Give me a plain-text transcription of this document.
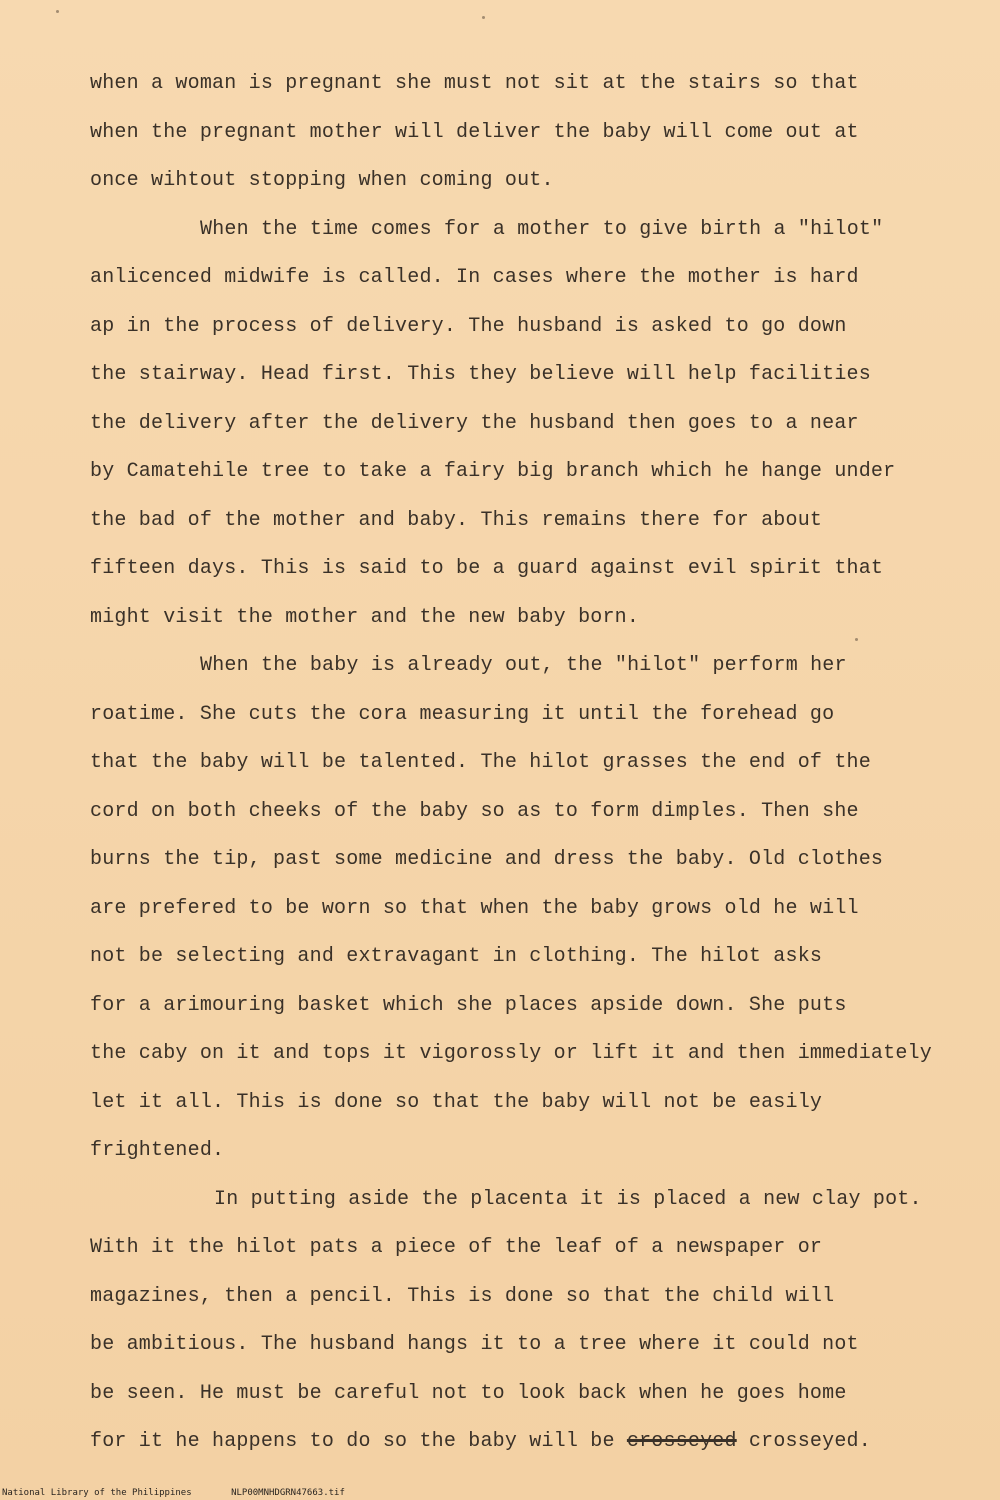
when a woman is pregnant she must not sit at the stairs so that
when the pregnant mother will deliver the baby will come out at
once wihtout stopping when coming out.
When the time comes for a mother to give birth a "hilot"
anlicenced midwife is called. In cases where the mother is hard
ap in the process of delivery. The husband is asked to go down
the stairway. Head first. This they believe will help facilities
the delivery after the delivery the husband then goes to a near
by Camatehile tree to take a fairy big branch which he hange under
the bad of the mother and baby. This remains there for about
fifteen days. This is said to be a guard against evil spirit that
might visit the mother and the new baby born.
When the baby is already out, the "hilot" perform her
roatime. She cuts the cora measuring it until the forehead go
that the baby will be talented. The hilot grasses the end of the
cord on both cheeks of the baby so as to form dimples. Then she
burns the tip, past some medicine and dress the baby. Old clothes
are prefered to be worn so that when the baby grows old he will
not be selecting and extravagant in clothing. The hilot asks
for a arimouring basket which she places apside down. She puts
the caby on it and tops it vigorossly or lift it and then immediately
let it all. This is done so that the baby will not be easily
frightened.
In putting aside the placenta it is placed a new clay pot.
With it the hilot pats a piece of the leaf of a newspaper or
magazines, then a pencil. This is done so that the child will
be ambitious. The husband hangs it to a tree where it could not
be seen. He must be careful not to look back when he goes home
for it he happens to do so the baby will be crosseyed crosseyed.
National Library of the Philippines	NLP00MNHDGRN47663.tif
